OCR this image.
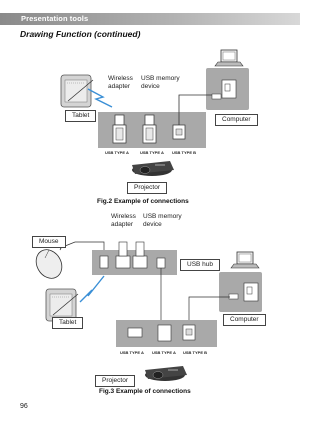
Presentation tools
Drawing Function (continued)
Tablet
Wireless
adapter
USB memory
device
Computer
USB TYPE A	USB TYPE A USB TYPE B
Projector
Fig.2 Example of connections
Wireless
adapter
USB memory
device
Mouse
USB hub
Tablet	Computer
USB TYPE A USB TYPE A USB TYPE B
Projector
Fig.3 Example of connections
96
